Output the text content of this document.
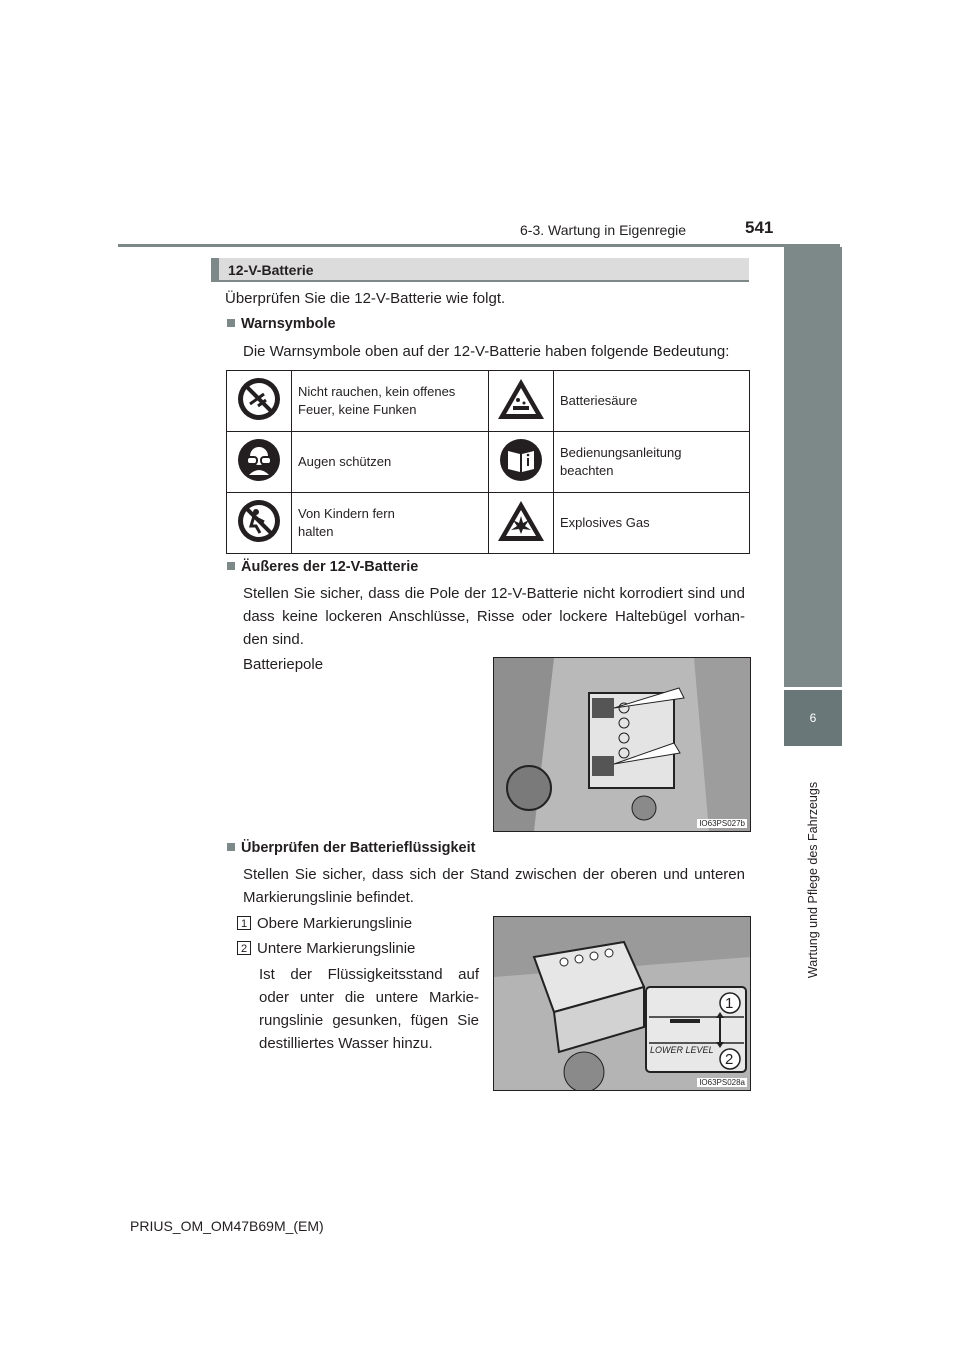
6-3. Wartung in Eigenregie	541
6
Wartung und Pflege des Fahrzeugs
12-V-Batterie
Überprüfen Sie die 12-V-Batterie wie folgt.
Warnsymbole
Die Warnsymbole oben auf der 12-V-Batterie haben folgende Bedeutung:

Nicht rauchen, kein offenes
Feuer, keine Funken		Batteriesäure

Augen schützen		Bedienungsanleitung
beachten

Von Kindern fern
halten		Explosives Gas
Äußeres der 12-V-Batterie
Stellen Sie sicher, dass die Pole der 12-V-Batterie nicht korrodiert sind und
dass keine lockeren Anschlüsse, Risse oder lockere Haltebügel vorhan-
den sind.
Batteriepole
IO63PS027b
Überprüfen der Batterieflüssigkeit
Stellen Sie sicher, dass sich der Stand zwischen der oberen und unteren
Markierungslinie befindet.
1 Obere Markierungslinie
2 Untere Markierungslinie
Ist der Flüssigkeitsstand auf
oder unter die untere Markie-
rungslinie gesunken, fügen Sie
destilliertes Wasser hinzu.
1
2
LOWER LEVEL
IO63PS028a
PRIUS_OM_OM47B69M_(EM)
